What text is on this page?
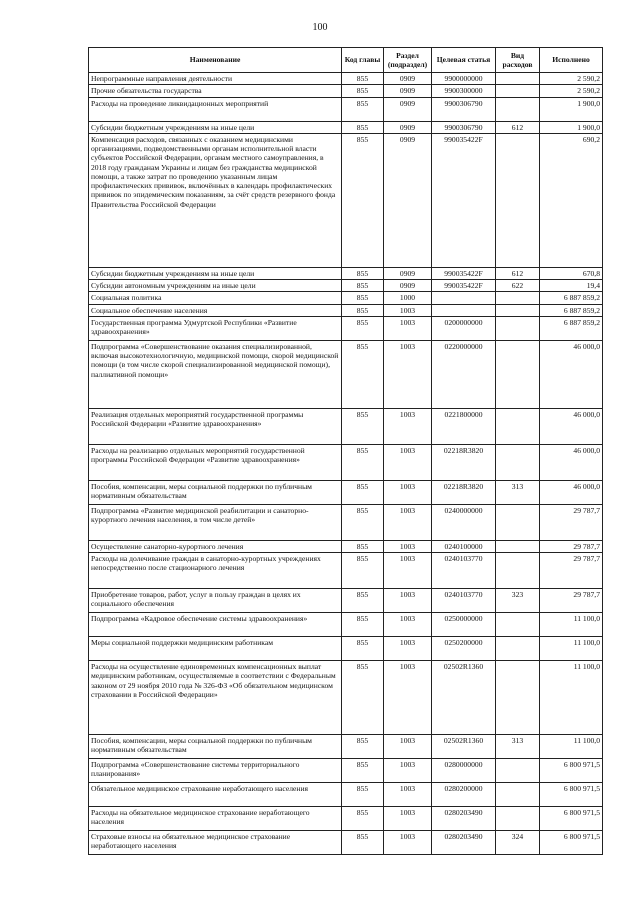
100
Наименование	Код главы	Раздел (подраздел)	Целевая статья	Вид расходов	Исполнено
Непрограммные направления деятельности	855	0909	9900000000		2 590,2
Прочие обязательства государства	855	0909	9900300000		2 590,2
Расходы на проведение ликвидационных мероприятий	855	0909	9900306790		1 900,0
Субсидии бюджетным учреждениям на иные цели	855	0909	9900306790	612	1 900,0
Компенсация расходов, связанных с оказанием медицинскими организациями, подведомственными органам исполнительной власти субъектов Российской Федерации, органам местного самоуправления, в 2018 году гражданам Украины и лицам без гражданства медицинской помощи, а также затрат по проведению указанным лицам профилактических прививок, включённых в календарь профилактических прививок по эпидемическим показаниям, за счёт средств резервного фонда Правительства Российской Федерации	855	0909	990035422F		690,2
Субсидии бюджетным учреждениям на иные цели	855	0909	990035422F	612	670,8
Субсидии автономным учреждениям на иные цели	855	0909	990035422F	622	19,4
Социальная политика	855	1000			6 887 859,2
Социальное обеспечение населения	855	1003			6 887 859,2
Государственная программа Удмуртской Республики «Развитие здравоохранения»	855	1003	0200000000		6 887 859,2
Подпрограмма «Совершенствование оказания специализированной, включая высокотехнологичную, медицинской помощи, скорой медицинской помощи (в том числе скорой специализированной медицинской помощи), паллиативной помощи»	855	1003	0220000000		46 000,0
Реализация отдельных мероприятий государственной программы Российской Федерации «Развитие здравоохранения»	855	1003	0221800000		46 000,0
Расходы на реализацию отдельных мероприятий государственной программы Российской Федерации «Развитие здравоохранения»	855	1003	02218R3820		46 000,0
Пособия, компенсации, меры социальной поддержки по публичным нормативным обязательствам	855	1003	02218R3820	313	46 000,0
Подпрограмма «Развитие медицинской реабилитации и санаторно-курортного лечения населения, в том числе детей»	855	1003	0240000000		29 787,7
Осуществление санаторно-курортного лечения	855	1003	0240100000		29 787,7
Расходы на долечивание граждан в санаторно-курортных учреждениях непосредственно после стационарного лечения	855	1003	0240103770		29 787,7
Приобретение товаров, работ, услуг в пользу граждан в целях их социального обеспечения	855	1003	0240103770	323	29 787,7
Подпрограмма «Кадровое обеспечение системы здравоохранения»	855	1003	0250000000		11 100,0
Меры социальной поддержки медицинским работникам	855	1003	0250200000		11 100,0
Расходы на осуществление единовременных компенсационных выплат медицинским работникам, осуществляемые в соответствии с Федеральным законом от 29 ноября 2010 года № 326-ФЗ «Об обязательном медицинском страховании в Российской Федерации»	855	1003	02502R1360		11 100,0
Пособия, компенсации, меры социальной поддержки по публичным нормативным обязательствам	855	1003	02502R1360	313	11 100,0
Подпрограмма «Совершенствование системы территориального планирования»	855	1003	0280000000		6 800 971,5
Обязательное медицинское страхование неработающего населения	855	1003	0280200000		6 800 971,5
Расходы на обязательное медицинское страхование неработающего населения	855	1003	0280203490		6 800 971,5
Страховые взносы на обязательное медицинское страхование неработающего населения	855	1003	0280203490	324	6 800 971,5
